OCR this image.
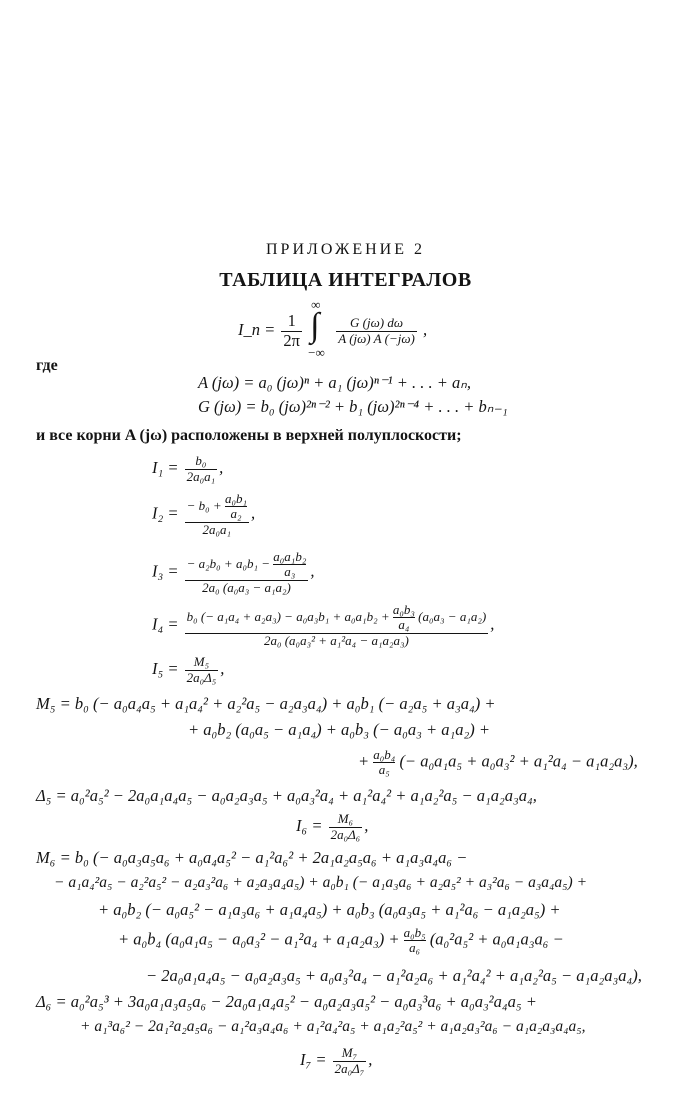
ПРИЛОЖЕНИЕ 2
ТАБЛИЦА ИНТЕГРАЛОВ
I_n = $\frac{1}{2\pi}$

∞
∫
−∞

$\frac{G (j\omega) d\omega}{A (j\omega) A (-j\omega)}$ ,
где
A (jω) = a₀ (jω)ⁿ + a₁ (jω)ⁿ⁻¹ + . . . + aₙ,
G (jω) = b₀ (jω)²ⁿ⁻² + b₁ (jω)²ⁿ⁻⁴ + . . . + bₙ₋₁
и все корни A (jω) расположены в верхней полуплоскости;
$I_1 = \frac{\text{b₀}}{\text{2a₀a₁}}$ ,
$I_2 = \frac{- b_0 + \frac{\text{a₀b₁}}{\text{a₂}}}{\text{2a₀a₁}}$ ,
$I_3 = \frac{- a_2b_0 + a_0b_1 - \frac{\text{a₀a₁b₂}}{\text{a₃}}}{\text{2a₀ (a₀a₃ − a₁a₂)}}$ ,
I₄ = b₀ (− $a_1a_4 + a_2a_3) - a_0a_3b_1 + a_0a_1b_2 + \frac{\text{a₀b₃}}{\text{a₄}} (a_0a_3 - a_1a_2)$
2a₀ (a₀a₃² + a₁²a₄ − a₁a₂a₃)
,
$I_5 = \frac{\text{M₅}}{\text{2a₀Δ₅}}$ ,
M₅ = b₀ (− a₀a₄a₅ + a₁a₄² + a₂²a₅ − a₂a₃a₄) + a₀b₁ (− a₂a₅ + a₃a₄) +
+ a₀b₂ (a₀a₅ − a₁a₄) + a₀b₃ (− a₀a₃ + a₁a₂) +
+ $\frac{\text{a₀b₄}}{\text{a₅}}$ (− a₀a₁a₅ + a₀a₃² + a₁²a₄ − a₁a₂a₃),
Δ₅ = a₀²a₅² − 2a₀a₁a₄a₅ − a₀a₂a₃a₅ + a₀a₃²a₄ + a₁²a₄² + a₁a₂²a₅ − a₁a₂a₃a₄,
$I_6 = \frac{\text{M₆}}{\text{2a₀Δ₆}}$ ,
M₆ = b₀ (− a₀a₃a₅a₆ + a₀a₄a₅² − a₁²a₆² + 2a₁a₂a₅a₆ + a₁a₃a₄a₆ −
− a₁a₄²a₅ − a₂²a₅² − a₂a₃²a₆ + a₂a₃a₄a₅) + a₀b₁ (− a₁a₃a₆ + a₂a₅² + a₃²a₆ − a₃a₄a₅) +
+ a₀b₂ (− a₀a₅² − a₁a₃a₆ + a₁a₄a₅) + a₀b₃ (a₀a₃a₅ + a₁²a₆ − a₁a₂a₅) +
+ a₀b₄ $(a_0a_1a_5 - a_0a_3^2 - a_1^2a_4 + a_1a_2a_3) + \frac{\text{a₀b₅}}{\text{a₆}} (a_0^2a_5^2 + a_0a_1a_3a_6$ −
− 2a₀a₁a₄a₅ − a₀a₂a₃a₅ + a₀a₃²a₄ − a₁²a₂a₆ + a₁²a₄² + a₁a₂²a₅ − a₁a₂a₃a₄),
Δ₆ = a₀²a₅³ + 3a₀a₁a₃a₅a₆ − 2a₀a₁a₄a₅² − a₀a₂a₃a₅² − a₀a₃³a₆ + a₀a₃²a₄a₅ +
+ a₁³a₆² − 2a₁²a₂a₅a₆ − a₁²a₃a₄a₆ + a₁²a₄²a₅ + a₁a₂²a₅² + a₁a₂a₃²a₆ − a₁a₂a₃a₄a₅,
$I_7 = \frac{\text{M₇}}{\text{2a₀Δ₇}}$ ,
